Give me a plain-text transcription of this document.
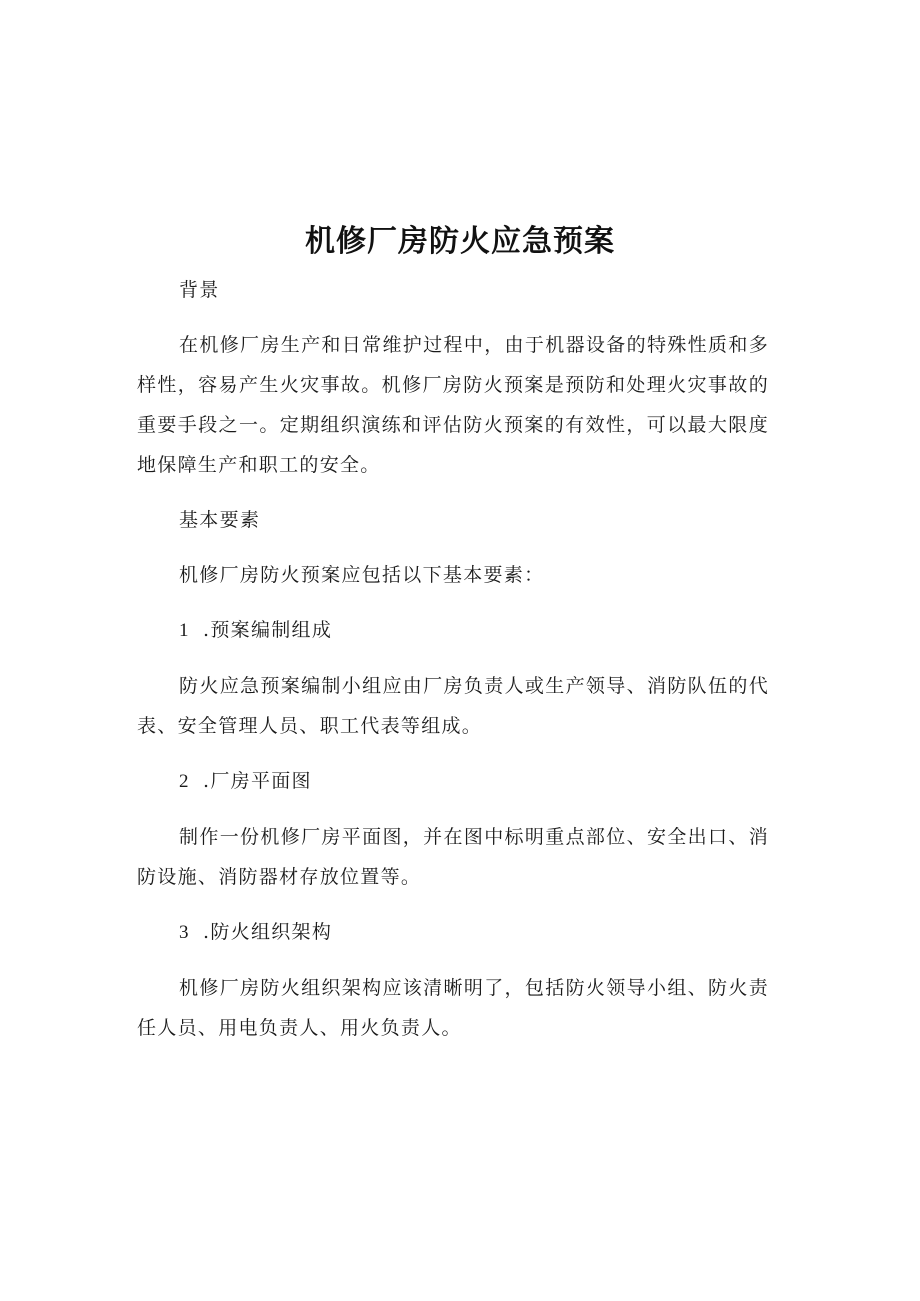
机修厂房防火应急预案

背景

在机修厂房生产和日常维护过程中，由于机器设备的特殊性质和多样性，容易产生火灾事故。机修厂房防火预案是预防和处理火灾事故的重要手段之一。定期组织演练和评估防火预案的有效性，可以最大限度地保障生产和职工的安全。

基本要素

机修厂房防火预案应包括以下基本要素：

1 .预案编制组成

防火应急预案编制小组应由厂房负责人或生产领导、消防队伍的代表、安全管理人员、职工代表等组成。

2 .厂房平面图

制作一份机修厂房平面图，并在图中标明重点部位、安全出口、消防设施、消防器材存放位置等。

3 .防火组织架构

机修厂房防火组织架构应该清晰明了，包括防火领导小组、防火责任人员、用电负责人、用火负责人。
